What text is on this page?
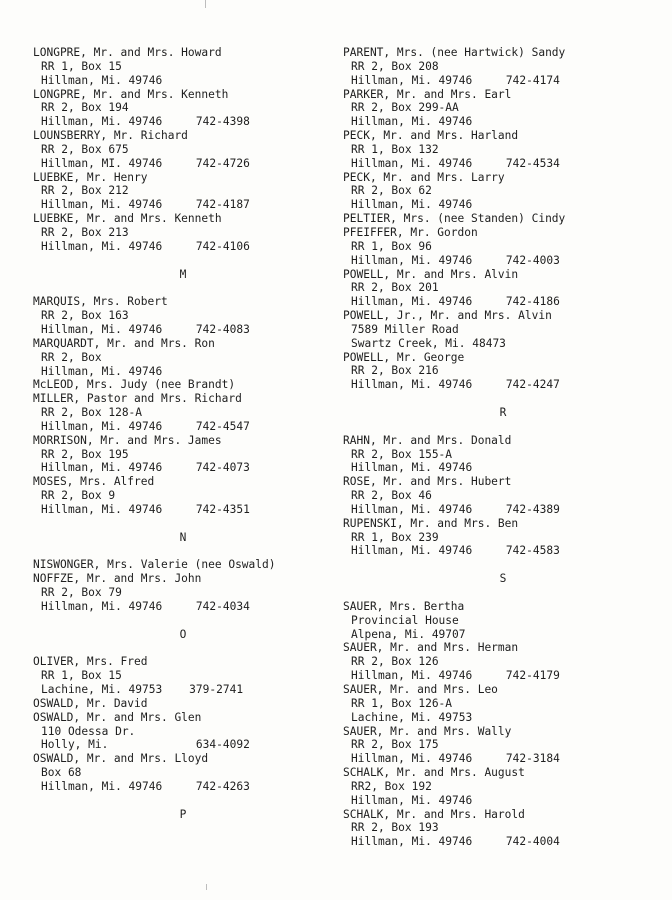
LONGPRE, Mr. and Mrs. Howard
RR 1, Box 15
Hillman, Mi. 49746
LONGPRE, Mr. and Mrs. Kenneth
RR 2, Box 194
Hillman, Mi. 49746     742-4398
LOUNSBERRY, Mr. Richard
RR 2, Box 675
Hillman, MI. 49746     742-4726
LUEBKE, Mr. Henry
RR 2, Box 212
Hillman, Mi. 49746     742-4187
LUEBKE, Mr. and Mrs. Kenneth
RR 2, Box 213
Hillman, Mi. 49746     742-4106
M
MARQUIS, Mrs. Robert
RR 2, Box 163
Hillman, Mi. 49746     742-4083
MARQUARDT, Mr. and Mrs. Ron
RR 2, Box
Hillman, Mi. 49746
McLEOD, Mrs. Judy (nee Brandt)
MILLER, Pastor and Mrs. Richard
RR 2, Box 128-A
Hillman, Mi. 49746     742-4547
MORRISON, Mr. and Mrs. James
RR 2, Box 195
Hillman, Mi. 49746     742-4073
MOSES, Mrs. Alfred
RR 2, Box 9
Hillman, Mi. 49746     742-4351
N
NISWONGER, Mrs. Valerie (nee Oswald)
NOFFZE, Mr. and Mrs. John
RR 2, Box 79
Hillman, Mi. 49746     742-4034
O
OLIVER, Mrs. Fred
RR 1, Box 15
Lachine, Mi. 49753    379-2741
OSWALD, Mr. David
OSWALD, Mr. and Mrs. Glen
110 Odessa Dr.
Holly, Mi.             634-4092
OSWALD, Mr. and Mrs. Lloyd
Box 68
Hillman, Mi. 49746     742-4263
P
PARENT, Mrs. (nee Hartwick) Sandy
RR 2, Box 208
Hillman, Mi. 49746     742-4174
PARKER, Mr. and Mrs. Earl
RR 2, Box 299-AA
Hillman, Mi. 49746
PECK, Mr. and Mrs. Harland
RR 1, Box 132
Hillman, Mi. 49746     742-4534
PECK, Mr. and Mrs. Larry
RR 2, Box 62
Hillman, Mi. 49746
PELTIER, Mrs. (nee Standen) Cindy
PFEIFFER, Mr. Gordon
RR 1, Box 96
Hillman, Mi. 49746     742-4003
POWELL, Mr. and Mrs. Alvin
RR 2, Box 201
Hillman, Mi. 49746     742-4186
POWELL, Jr., Mr. and Mrs. Alvin
7589 Miller Road
Swartz Creek, Mi. 48473
POWELL, Mr. George
RR 2, Box 216
Hillman, Mi. 49746     742-4247
R
RAHN, Mr. and Mrs. Donald
RR 2, Box 155-A
Hillman, Mi. 49746
ROSE, Mr. and Mrs. Hubert
RR 2, Box 46
Hillman, Mi. 49746     742-4389
RUPENSKI, Mr. and Mrs. Ben
RR 1, Box 239
Hillman, Mi. 49746     742-4583
S
SAUER, Mrs. Bertha
Provincial House
Alpena, Mi. 49707
SAUER, Mr. and Mrs. Herman
RR 2, Box 126
Hillman, Mi. 49746     742-4179
SAUER, Mr. and Mrs. Leo
RR 1, Box 126-A
Lachine, Mi. 49753
SAUER, Mr. and Mrs. Wally
RR 2, Box 175
Hillman, Mi. 49746     742-3184
SCHALK, Mr. and Mrs. August
RR2, Box 192
Hillman, Mi. 49746
SCHALK, Mr. and Mrs. Harold
RR 2, Box 193
Hillman, Mi. 49746     742-4004
